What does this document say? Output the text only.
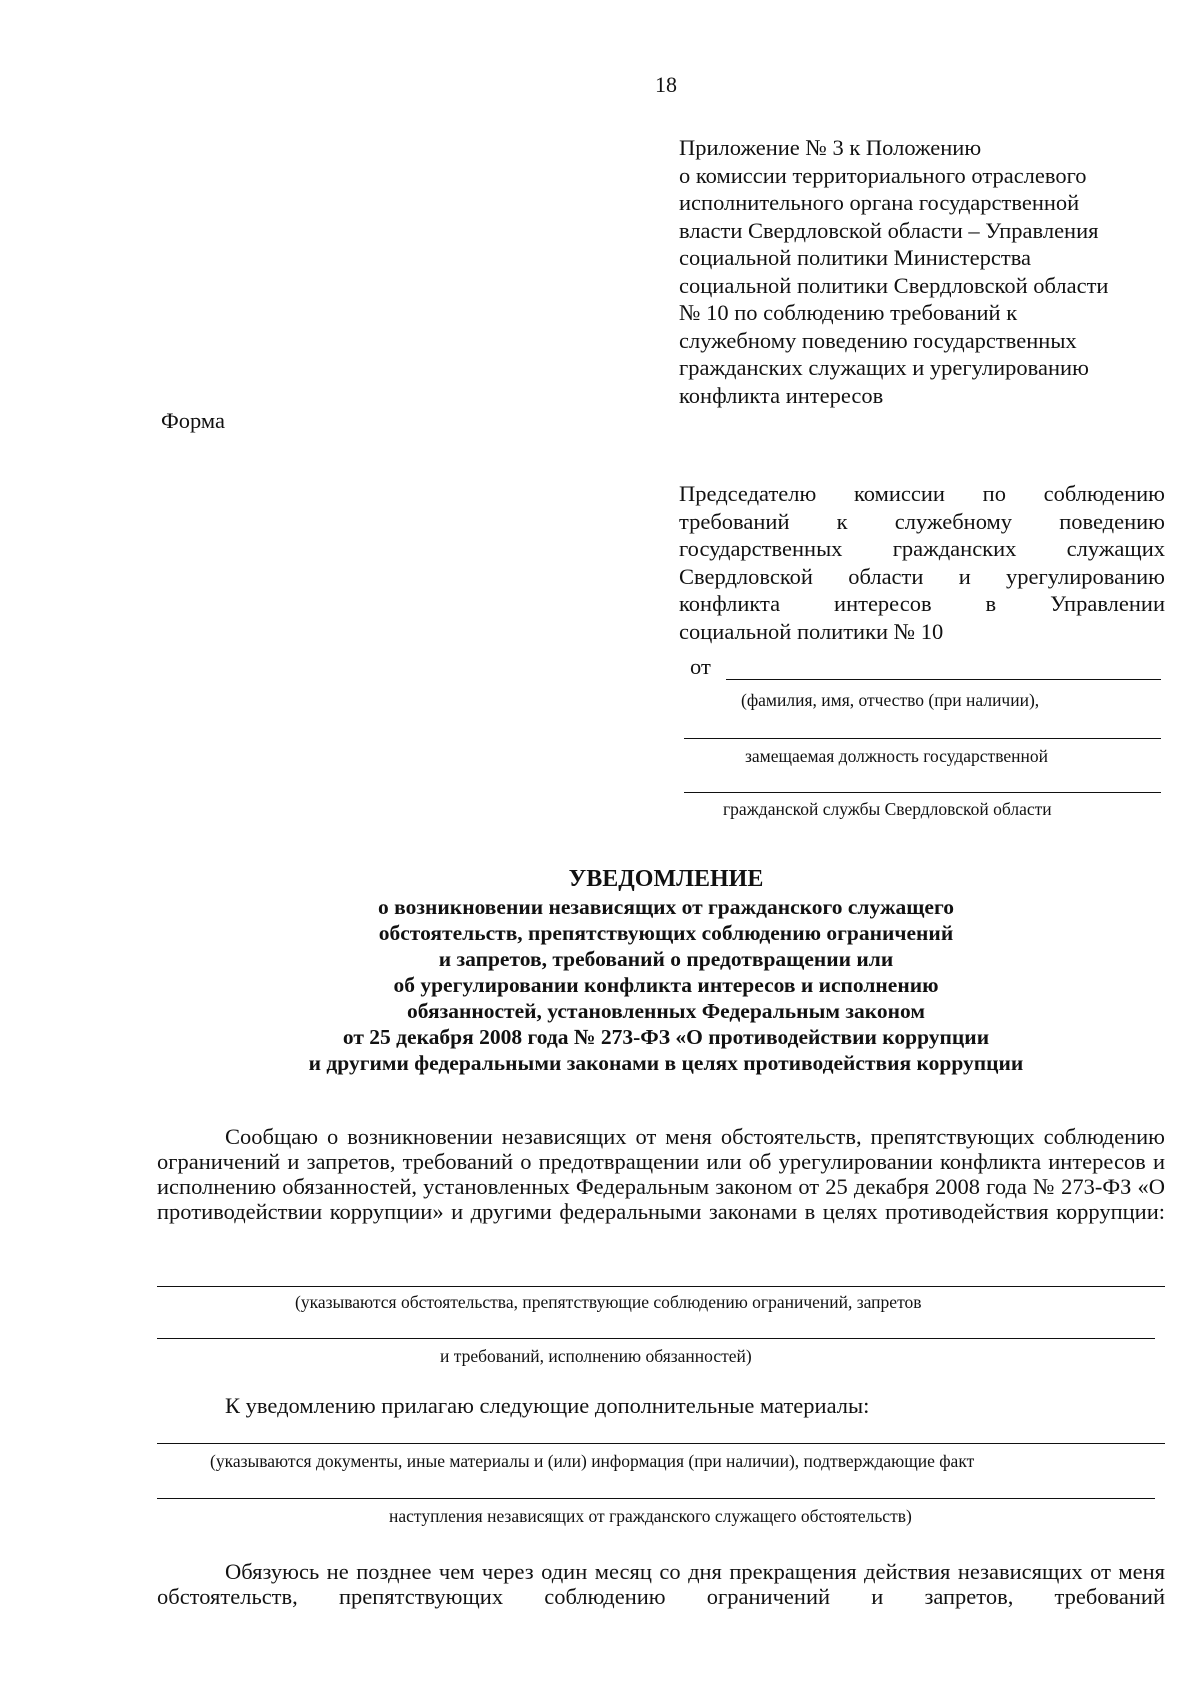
18
Приложение № 3 к Положению
о комиссии территориального отраслевого
исполнительного органа государственной
власти Свердловской области – Управления
социальной политики Министерства
социальной политики Свердловской области
№ 10 по соблюдению требований к
служебному поведению государственных
гражданских служащих и урегулированию
конфликта интересов
Форма
Председателю комиссии по соблюдению
требований к служебному поведению
государственных гражданских служащих
Свердловской области и урегулированию
конфликта интересов в Управлении
социальной политики № 10
от
(фамилия, имя, отчество (при наличии),
замещаемая должность государственной
гражданской службы Свердловской области
УВЕДОМЛЕНИЕ
о возникновении независящих от гражданского служащего
обстоятельств, препятствующих соблюдению ограничений
и запретов, требований о предотвращении или
об урегулировании конфликта интересов и исполнению
обязанностей, установленных Федеральным законом
от 25 декабря 2008 года № 273-ФЗ «О противодействии коррупции
и другими федеральными законами в целях противодействия коррупции
Сообщаю о возникновении независящих от меня обстоятельств, препятствующих соблюдению ограничений и запретов, требований о предотвращении или об урегулировании конфликта интересов и исполнению обязанностей, установленных Федеральным законом от 25 декабря 2008 года № 273-ФЗ «О противодействии коррупции» и другими федеральными законами в целях противодействия коррупции:
(указываются обстоятельства, препятствующие соблюдению ограничений, запретов
и требований, исполнению обязанностей)
К уведомлению прилагаю следующие дополнительные материалы:
(указываются документы, иные материалы и (или) информация (при наличии), подтверждающие факт
наступления независящих от гражданского служащего обстоятельств)
Обязуюсь не позднее чем через один месяц со дня прекращения действия независящих от меня обстоятельств, препятствующих соблюдению ограничений и запретов, требований
